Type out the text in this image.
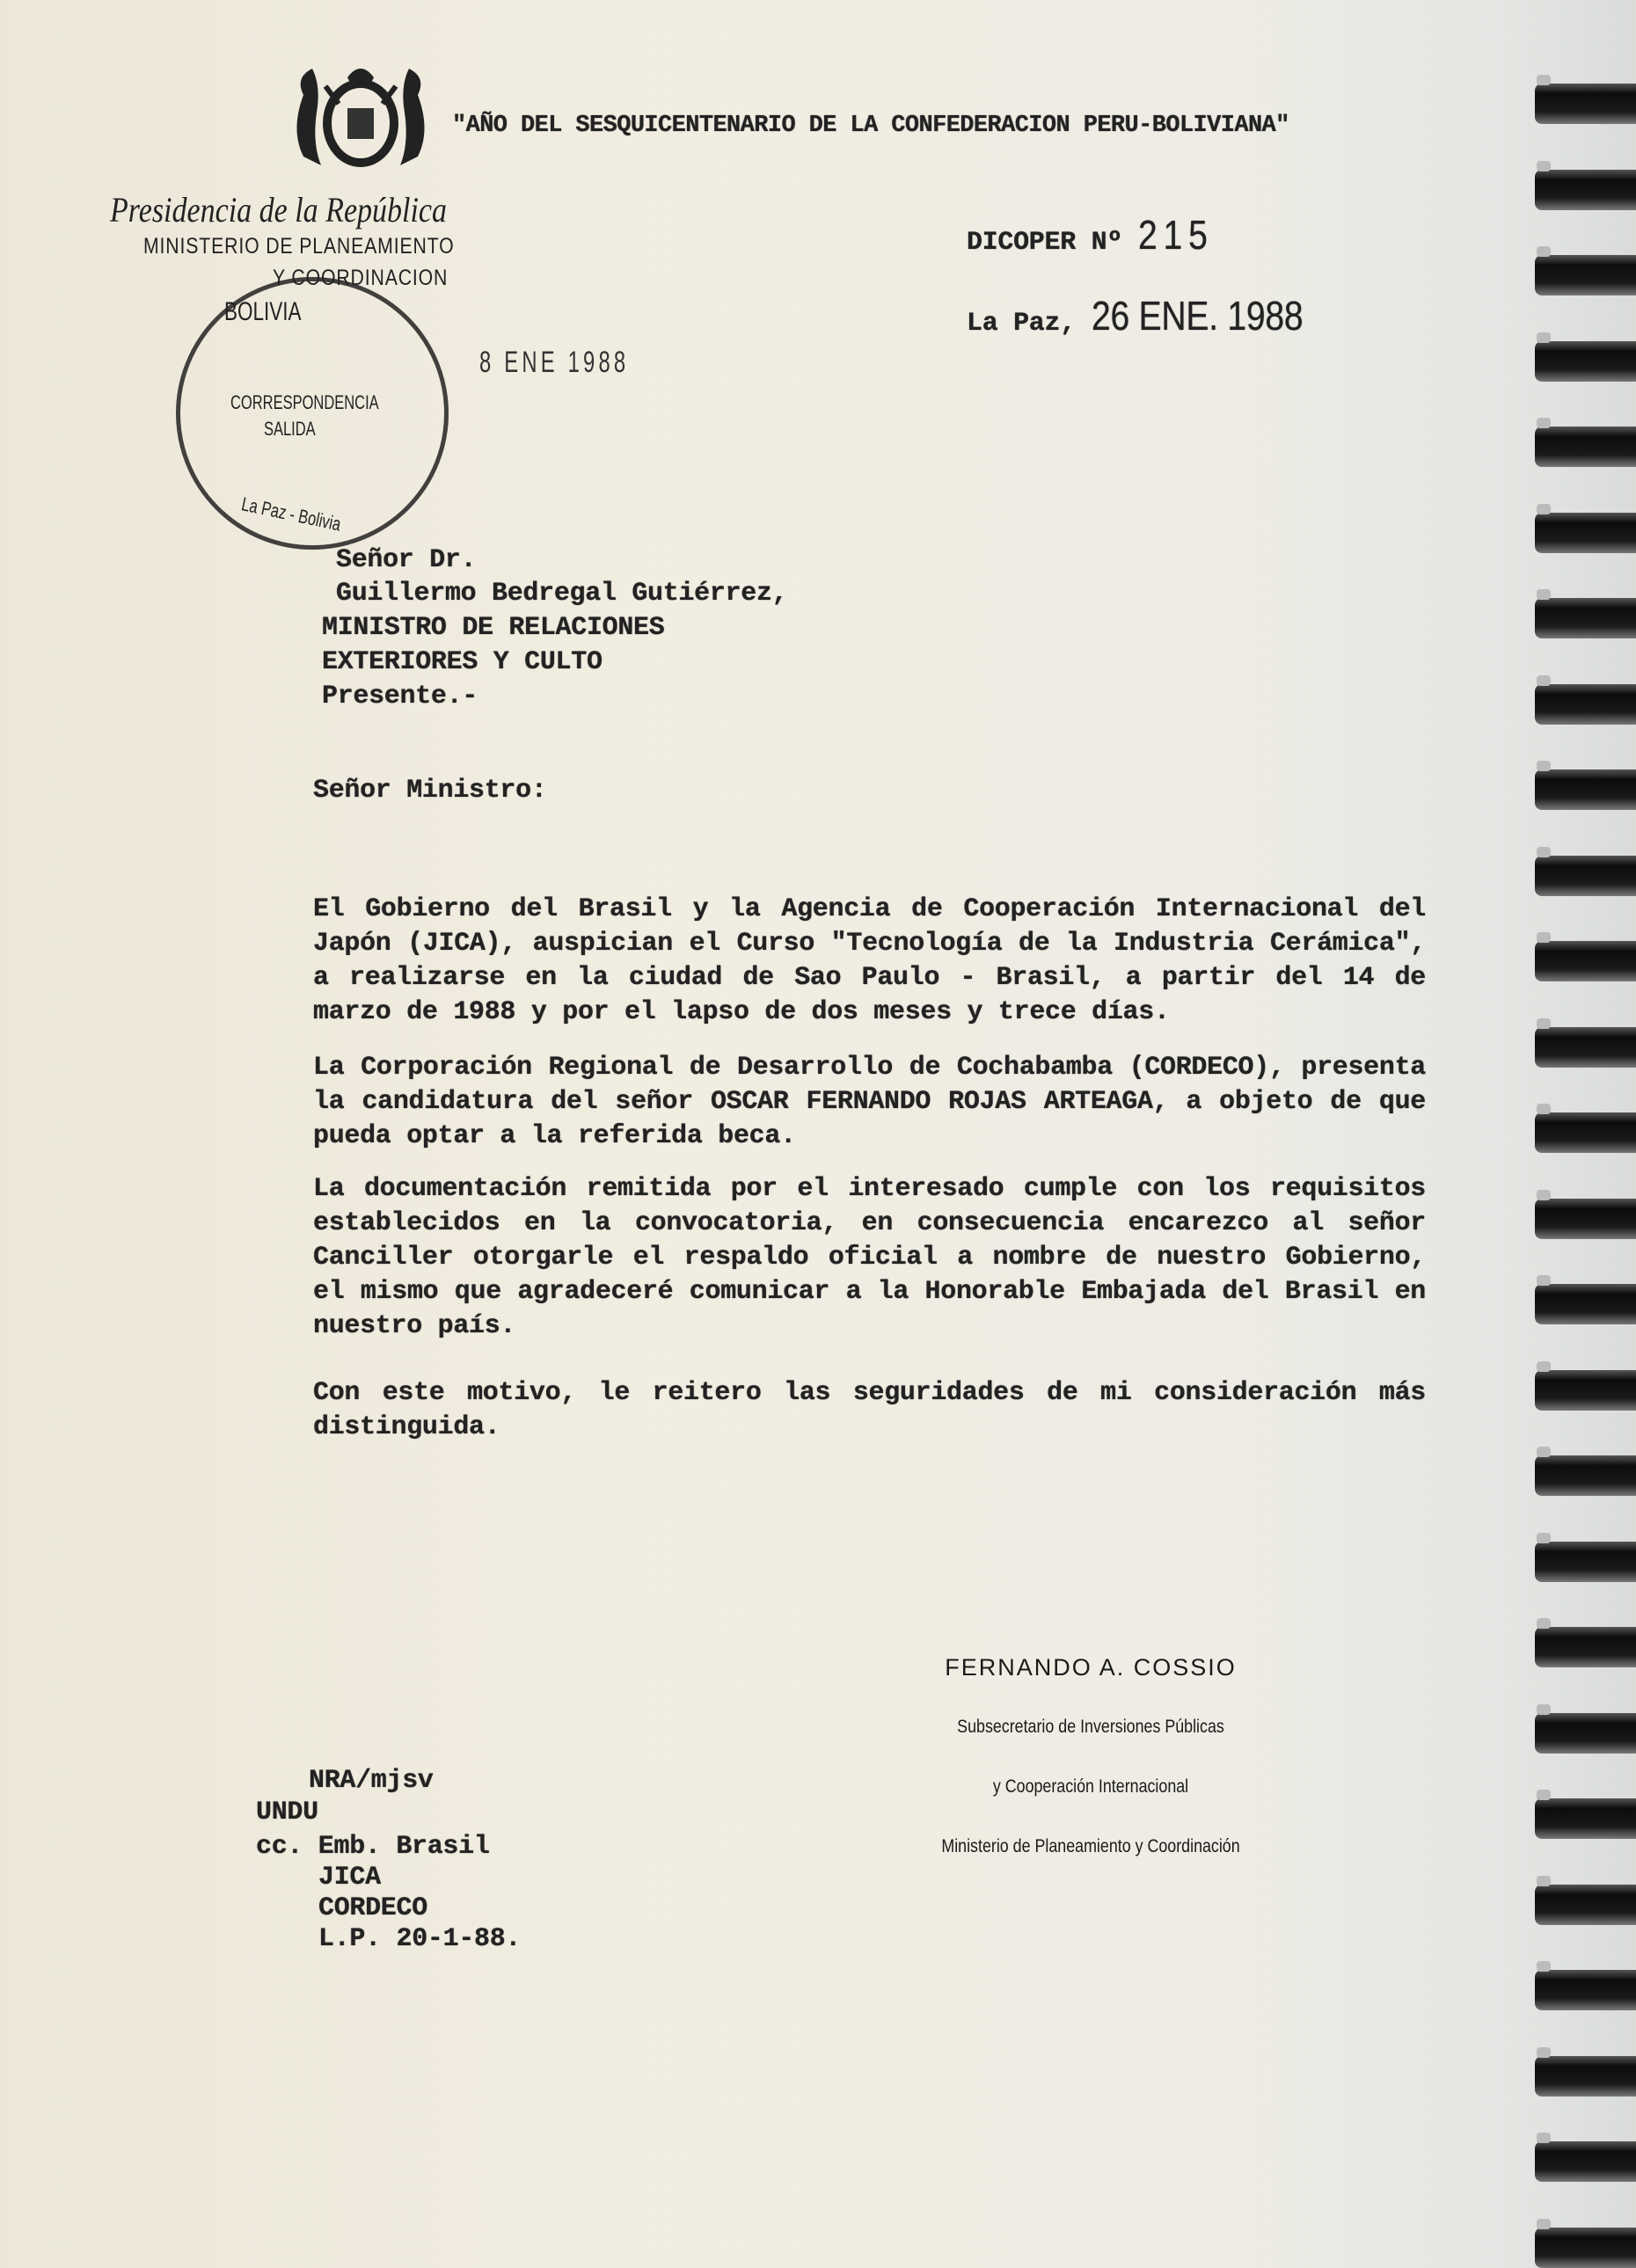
"AÑO DEL SESQUICENTENARIO DE LA CONFEDERACION PERU-BOLIVIANA"
Presidencia de la República
MINISTERIO DE PLANEAMIENTO
Y COORDINACION
BOLIVIA
CORRESPONDENCIA
SALIDA
La Paz - Bolivia
8 ENE 1988
DICOPER Nº 215
La Paz, 26 ENE. 1988
Señor Dr.
Guillermo Bedregal Gutiérrez,
MINISTRO DE RELACIONES
EXTERIORES Y CULTO
Presente.-
Señor Ministro:
El Gobierno del Brasil y la Agencia de Cooperación Internacional del Japón (JICA), auspician el Curso "Tecnología de la Industria Cerámica", a realizarse en la ciudad de Sao Paulo - Brasil, a partir del 14 de marzo de 1988 y por el lapso de dos meses y trece días.
La Corporación Regional de Desarrollo de Cochabamba (CORDECO), presenta la candidatura del señor OSCAR FERNANDO ROJAS ARTEAGA, a objeto de que pueda optar a la referida beca.
La documentación remitida por el interesado cumple con los requisitos establecidos en la convocatoria, en consecuencia encarezco al señor Canciller otorgarle el respaldo oficial a nombre de nuestro Gobierno, el mismo que agradeceré comunicar a la Honorable Embajada del Brasil en nuestro país.
Con este motivo, le reitero las seguridades de mi consideración más distinguida.

FERNANDO A. COSSIO

Subsecretario de Inversiones Públicas

y Cooperación Internacional

Ministerio de Planeamiento y Coordinación

NRA/mjsv
UNDU
cc. Emb. Brasil
JICA
CORDECO
L.P. 20-1-88.
